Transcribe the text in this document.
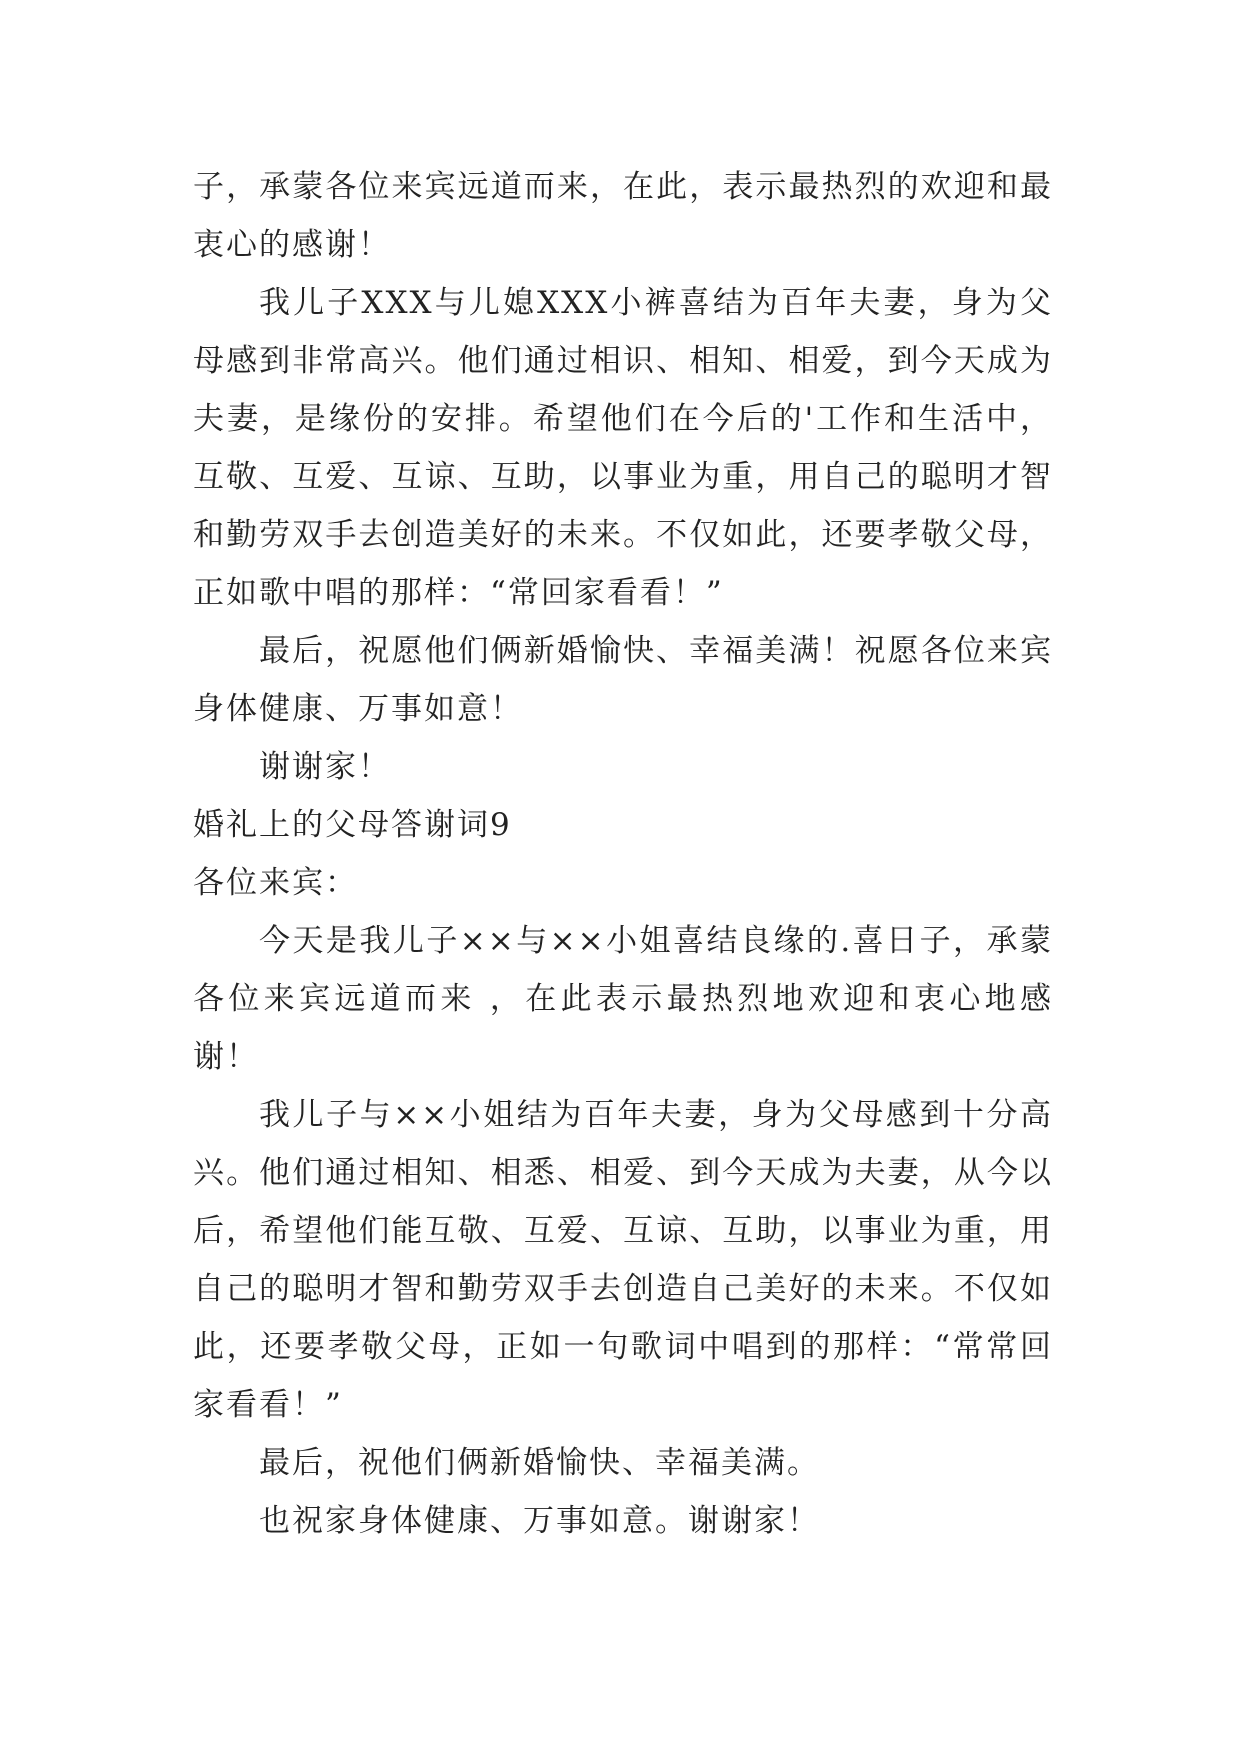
子，承蒙各位来宾远道而来，在此，表示最热烈的欢迎和最衷心的感谢！

我儿子XXX与儿媳XXX小裤喜结为百年夫妻，身为父母感到非常高兴。他们通过相识、相知、相爱，到今天成为夫妻，是缘份的安排。希望他们在今后的'工作和生活中，互敬、互爱、互谅、互助，以事业为重，用自己的聪明才智和勤劳双手去创造美好的未来。不仅如此，还要孝敬父母，正如歌中唱的那样：“常回家看看！”

最后，祝愿他们俩新婚愉快、幸福美满！祝愿各位来宾身体健康、万事如意！

谢谢家！

婚礼上的父母答谢词9

各位来宾：

今天是我儿子××与××小姐喜结良缘的.喜日子，承蒙各位来宾远道而来 ，在此表示最热烈地欢迎和衷心地感谢！

我儿子与××小姐结为百年夫妻，身为父母感到十分高兴。他们通过相知、相悉、相爱、到今天成为夫妻，从今以后，希望他们能互敬、互爱、互谅、互助，以事业为重，用自己的聪明才智和勤劳双手去创造自己美好的未来。不仅如此，还要孝敬父母，正如一句歌词中唱到的那样：“常常回家看看！”

最后，祝他们俩新婚愉快、幸福美满。

也祝家身体健康、万事如意。谢谢家！
